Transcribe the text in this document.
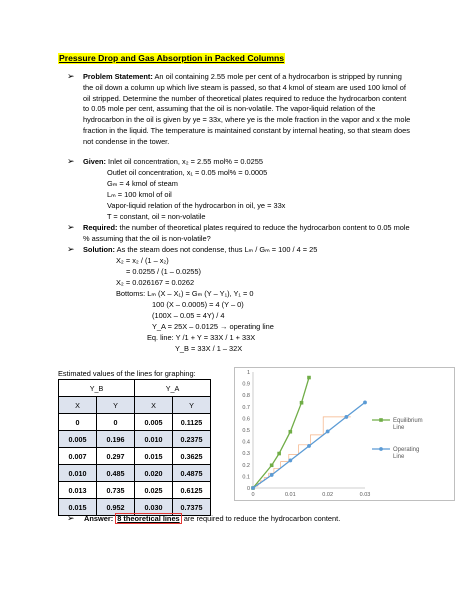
Pressure Drop and Gas Absorption in Packed Columns
➢ Problem Statement: An oil containing 2.55 mole per cent of a hydrocarbon is stripped by running the oil down a column up which live steam is passed, so that 4 kmol of steam are used 100 kmol of oil stripped. Determine the number of theoretical plates required to reduce the hydrocarbon content to 0.05 mole per cent, assuming that the oil is non-volatile. The vapor-liquid relation of the hydrocarbon in the oil is given by ye = 33x, where ye is the mole fraction in the vapor and x the mole fraction in the liquid. The temperature is maintained constant by internal heating, so that steam does not condense in the tower.
➢ Given: Inlet oil concentration, x₂ = 2.55 mol% = 0.0255
Outlet oil concentration, x₁ = 0.05 mol% = 0.0005
Gₘ = 4 kmol of steam
Lₘ = 100 kmol of oil
Vapor-liquid relation of the hydrocarbon in oil, ye = 33x
T = constant, oil = non-volatile
➢ Required: the number of theoretical plates required to reduce the hydrocarbon content to 0.05 mole % assuming that the oil is non-volatile?
➢ Solution: As the steam does not condense, thus Lₘ / Gₘ = 100 / 4 = 25
X₂ = x₂ / (1 – x₂)
= 0.0255 / (1 – 0.0255)
X₂ = 0.026167 = 0.0262
Bottoms: Lₘ (X – X₁) = Gₘ (Y – Y₁), Y₁ = 0
100 (X – 0.0005) = 4 (Y – 0)
(100X – 0.05 = 4Y) / 4
Y_A = 25X – 0.0125 → operating line
Eq. line: Y /1 + Y = 33X / 1 + 33X
Y_B = 33X / 1 – 32X
Estimated values of the lines for graphing:
Y_B		Y_A	
X	Y	X	Y
0	0	0.005	0.1125
0.005	0.196	0.010	0.2375
0.007	0.297	0.015	0.3625
0.010	0.485	0.020	0.4875
0.013	0.735	0.025	0.6125
0.015	0.952	0.030	0.7375
0
0.1
0.2
0.3
0.4
0.5
0.6
0.7
0.8
0.9
1
0	0.01	0.02	0.03
Equilibrium
Line
Operating
Line
➢ Answer: 8 theoretical lines are required to reduce the hydrocarbon content.
